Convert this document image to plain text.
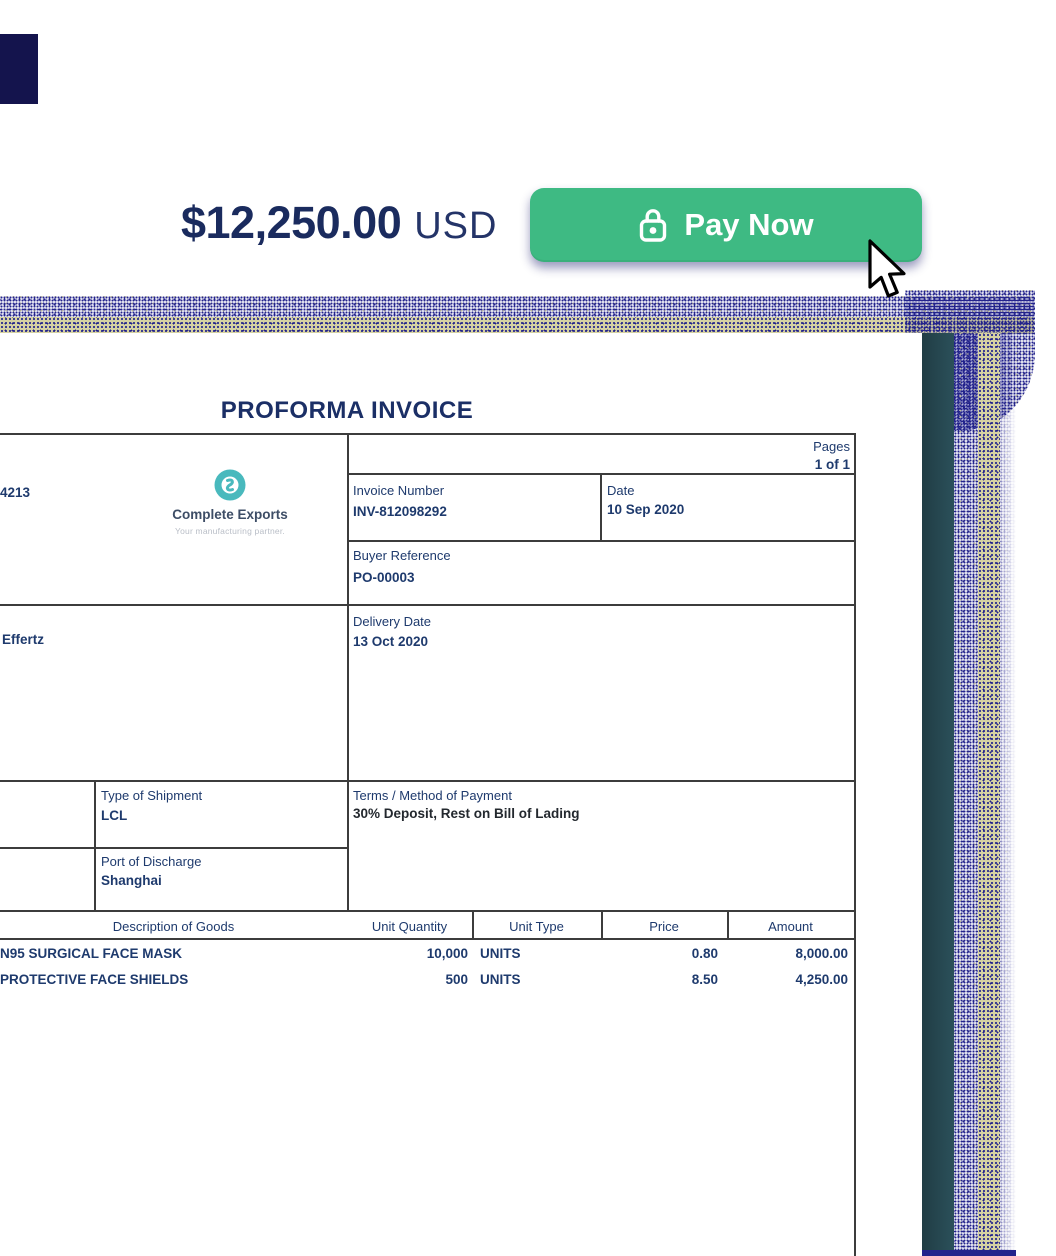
$12,250.00 USD	Pay Now
PROFORMA INVOICE
Pages
1 of 1
4213
Complete Exports
Your manufacturing partner.
Invoice Number
INV-812098292
Date
10 Sep 2020
Buyer Reference
PO-00003
Effertz
Delivery Date
13 Oct 2020
Type of Shipment
LCL
Port of Discharge
Shanghai
Terms / Method of Payment
30% Deposit, Rest on Bill of Lading
Description of Goods	Unit Quantity	Unit Type	Price	Amount
N95 SURGICAL FACE MASK	10,000 UNITS	0.80	8,000.00
PROTECTIVE FACE SHIELDS	500 UNITS	8.50	4,250.00
